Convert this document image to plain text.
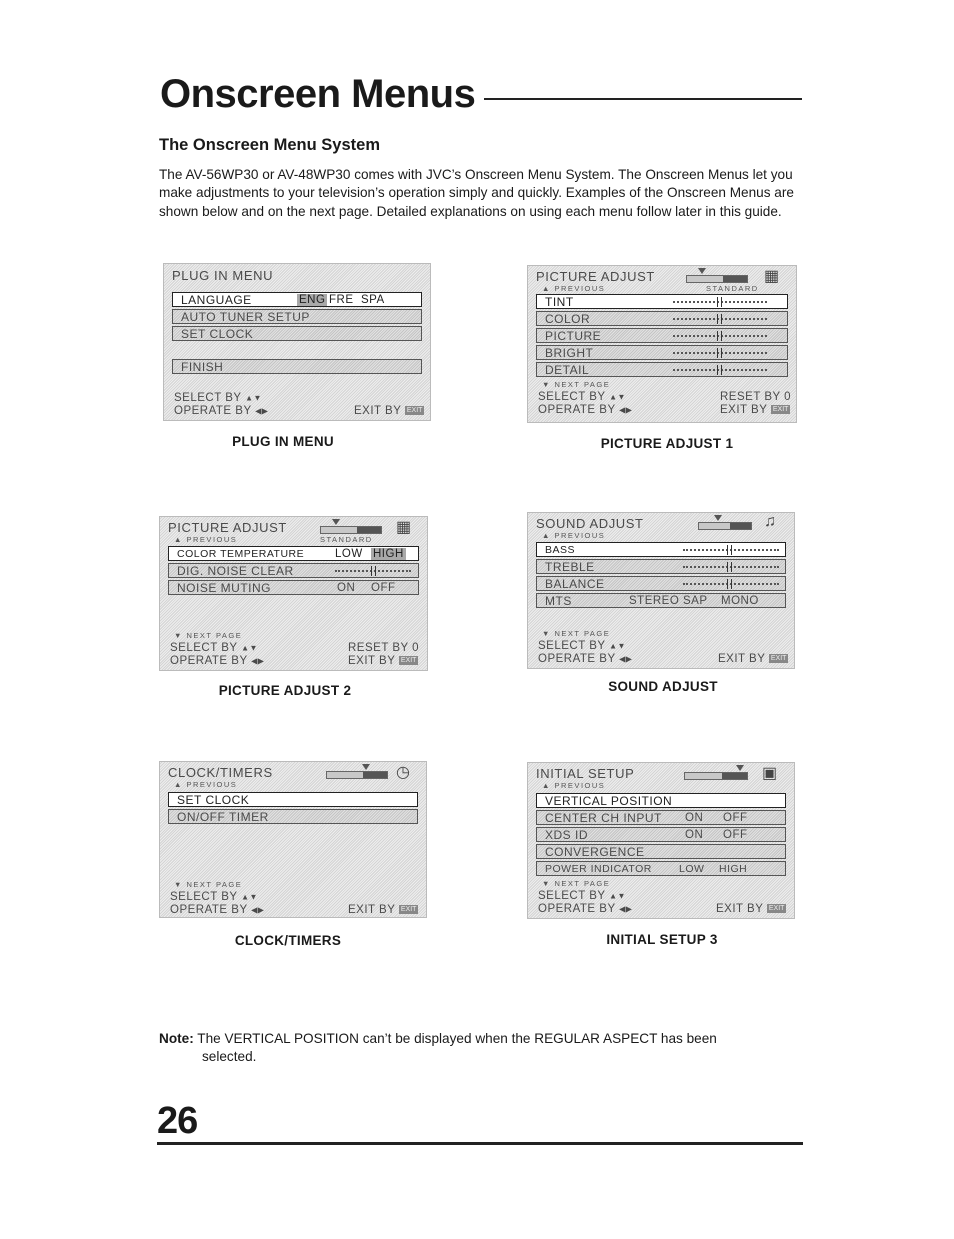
Onscreen Menus
The Onscreen Menu System
The AV-56WP30 or AV-48WP30 comes with JVC’s Onscreen Menu System. The Onscreen Menus let you make adjustments to your television’s operation simply and quickly. Examples of the Onscreen Menus are shown below and on the next page. Detailed explanations on using each menu follow later in this guide.
PLUG IN MENU
LANGUAGE	ENG FRE SPA
AUTO TUNER SETUP
SET CLOCK
FINISH
SELECT BY ▲▼
OPERATE BY ◀▶	EXIT BY EXIT
PLUG IN MENU
PICTURE ADJUST	▦
▲ PREVIOUS	STANDARD
TINT
COLOR
PICTURE
BRIGHT
DETAIL
▼ NEXT PAGE
SELECT BY ▲▼
OPERATE BY ◀▶
RESET BY 0
EXIT BY EXIT
PICTURE ADJUST 1
PICTURE ADJUST	▦
▲ PREVIOUS	STANDARD
COLOR TEMPERATURE	LOW HIGH
DIG. NOISE CLEAR
NOISE MUTING	ON OFF
▼ NEXT PAGE
SELECT BY ▲▼
OPERATE BY ◀▶
RESET BY 0
EXIT BY EXIT
PICTURE ADJUST 2
SOUND ADJUST	♫
▲ PREVIOUS
BASS
TREBLE
BALANCE
MTS	STEREO SAP MONO
▼ NEXT PAGE
SELECT BY ▲▼
OPERATE BY ◀▶	EXIT BY EXIT
SOUND ADJUST
CLOCK/TIMERS	◷
▲ PREVIOUS
SET CLOCK
ON/OFF TIMER
▼ NEXT PAGE
SELECT BY ▲▼
OPERATE BY ◀▶	EXIT BY EXIT
CLOCK/TIMERS
INITIAL SETUP	▣
▲ PREVIOUS
VERTICAL POSITION
CENTER CH INPUT ON OFF
XDS ID	ON OFF
CONVERGENCE
POWER INDICATOR	LOW HIGH
▼ NEXT PAGE
SELECT BY ▲▼
OPERATE BY ◀▶	EXIT BY EXIT
INITIAL SETUP 3
Note: The VERTICAL POSITION can’t be displayed when the REGULAR ASPECT has been
selected.
26
